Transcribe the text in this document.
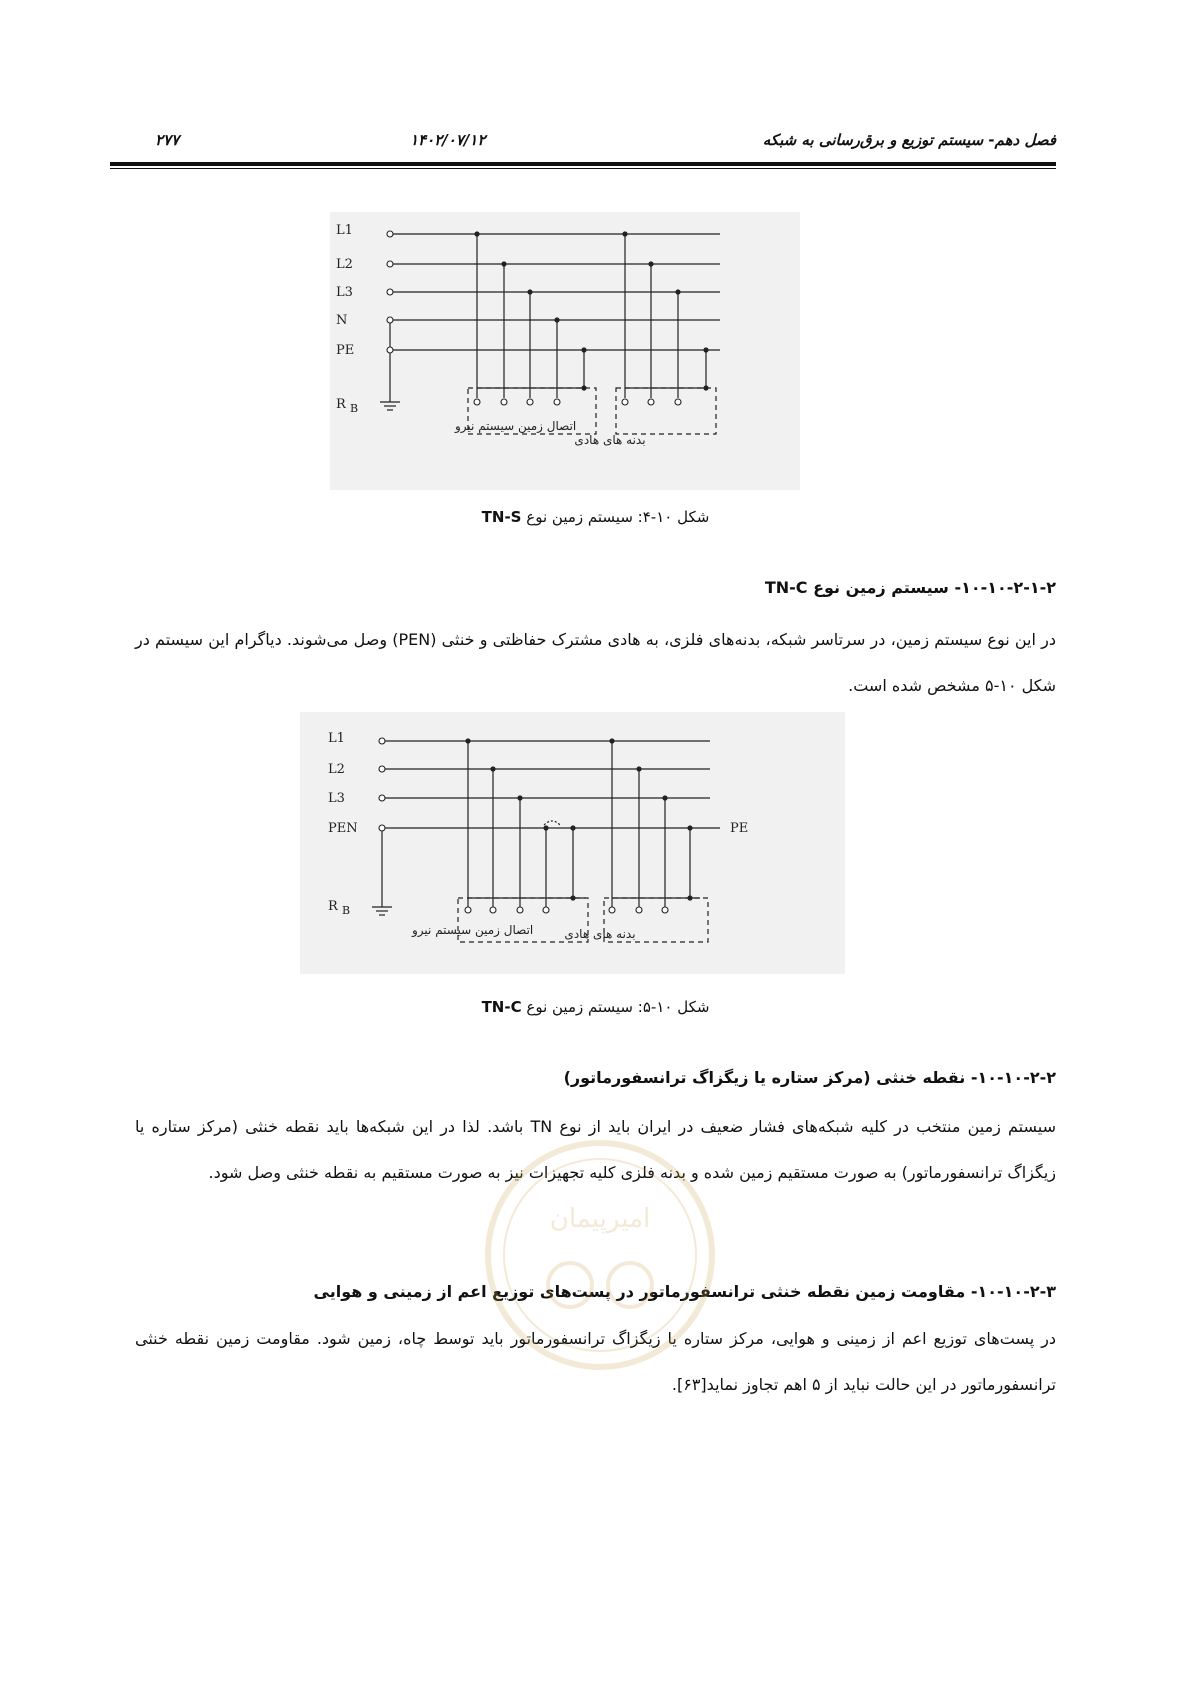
فصل دهم- سیستم توزیع و برق‌رسانی به شبکه
۱۴۰۲/۰۷/۱۲
۲۷۷
L1
L2
L3
N
PE
R B
اتصال زمین سیستم نیرو
بدنه های هادی
شکل ۱۰-۴: سیستم زمین نوع TN-S
۱۰-۱۰-۲-۱-۲- سیستم زمین نوع TN-C
در این نوع سیستم زمین، در سرتاسر شبکه، بدنه‌های فلزی، به هادی مشترک حفاظتی و خنثی (PEN) وصل می‌شوند. دیاگرام این سیستم در شکل ۱۰-۵ مشخص شده است.
L1
L2
L3
PEN	PE
R B
اتصال زمین سیستم نیرو	بدنه های هادی
شکل ۱۰-۵: سیستم زمین نوع TN-C
۱۰-۱۰-۲-۲- نقطه خنثی (مرکز ستاره یا زیگزاگ ترانسفورماتور)
سیستم زمین منتخب در کلیه شبکه‌های فشار ضعیف در ایران باید از نوع TN باشد. لذا در این شبکه‌ها باید نقطه خنثی (مرکز ستاره یا زیگزاگ ترانسفورماتور) به صورت مستقیم زمین شده و بدنه فلزی کلیه تجهیزات نیز به صورت مستقیم به نقطه خنثی وصل شود.
۱۰-۱۰-۲-۳- مقاومت زمین نقطه خنثی ترانسفورماتور در پست‌های توزیع اعم از زمینی و هوایی
در پست‌های توزیع اعم از زمینی و هوایی، مرکز ستاره یا زیگزاگ ترانسفورماتور باید توسط چاه، زمین شود. مقاومت زمین نقطه خنثی ترانسفورماتور در این حالت نباید از ۵ اهم تجاوز نماید[۶۳].
امیرپیمان
